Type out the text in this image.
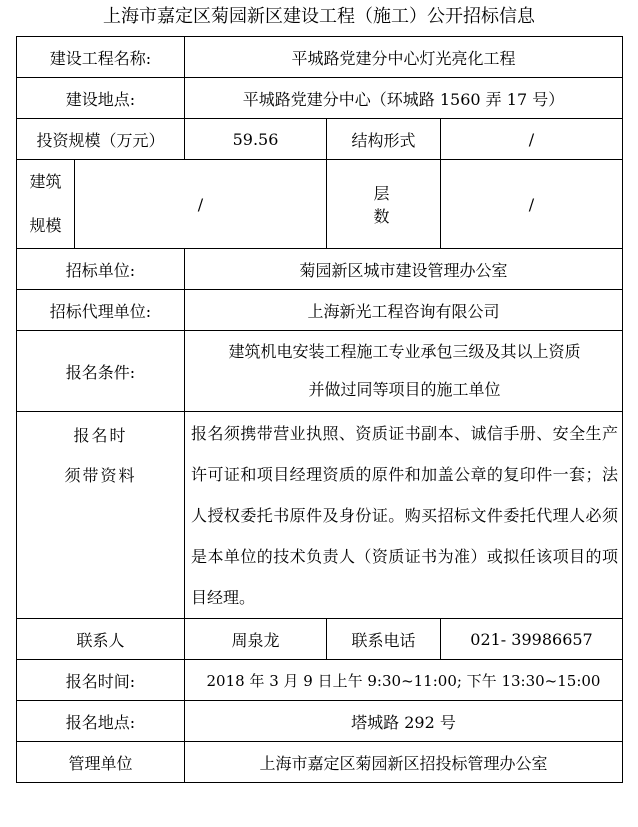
上海市嘉定区菊园新区建设工程（施工）公开招标信息
建设工程名称:		平城路党建分中心灯光亮化工程		
建设地点:		平城路党建分中心（环城路 1560 弄 17 号）		
投资规模（万元）		59.56	结构形式	/

建筑
规模	/		层数	/
招标单位:		菊园新区城市建设管理办公室		
招标代理单位:		上海新光工程咨询有限公司		
报名条件:		建筑机电安装工程施工专业承包三级及其以上资质
并做过同等项目的施工单位		

报名时
须带资料		报名须携带营业执照、资质证书副本、诚信手册、安全生产许可证和项目经理资质的原件和加盖公章的复印件一套；法人授权委托书原件及身份证。购买招标文件委托代理人必须是本单位的技术负责人（资质证书为准）或拟任该项目的项目经理。		

联系人		周泉龙	联系电话	021- 39986657
报名时间:		2018 年 3 月 9 日上午 9:30~11:00; 下午 13:30~15:00		
报名地点:		塔城路 292 号		
管理单位		上海市嘉定区菊园新区招投标管理办公室		
